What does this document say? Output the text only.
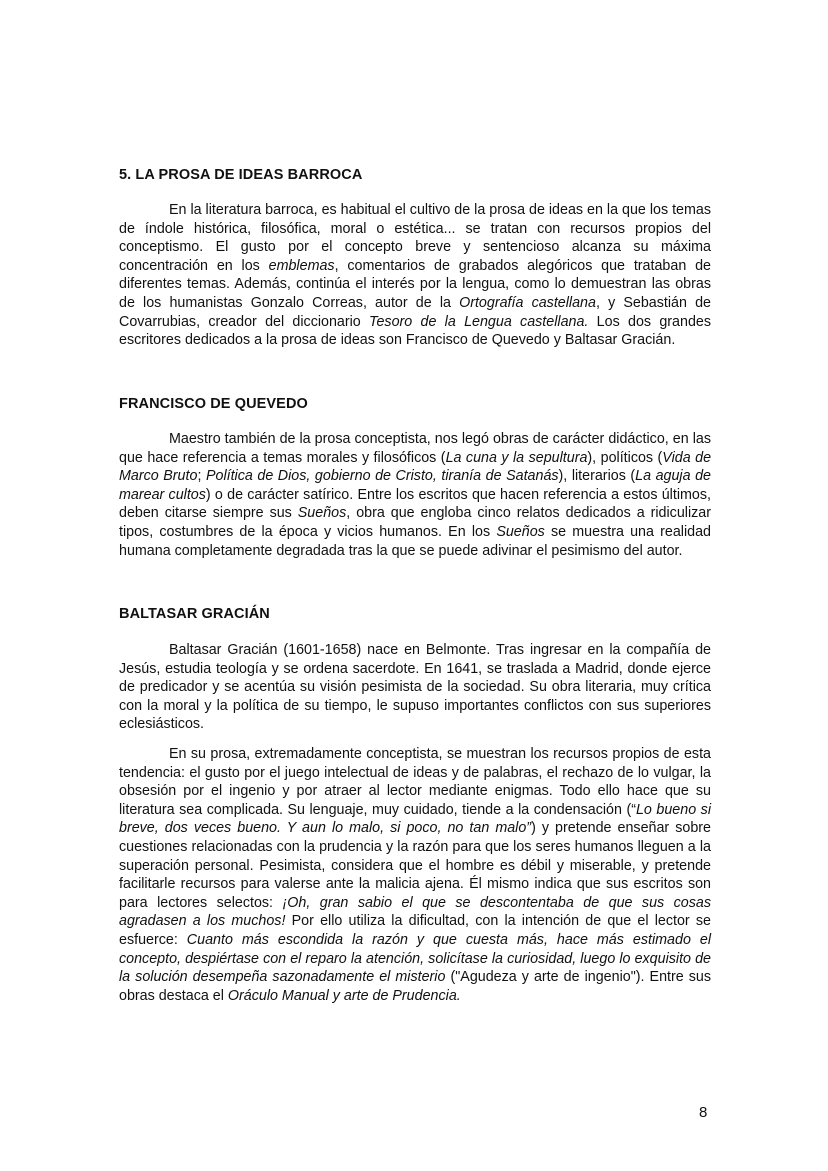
5. LA PROSA DE IDEAS BARROCA

En la literatura barroca, es habitual el cultivo de la prosa de ideas en la que los temas de índole histórica, filosófica, moral o estética... se tratan con recursos propios del conceptismo. El gusto por el concepto breve y sentencioso alcanza su máxima concentración en los emblemas, comentarios de grabados alegóricos que trataban de diferentes temas. Además, continúa el interés por la lengua, como lo demuestran las obras de los humanistas Gonzalo Correas, autor de la Ortografía castellana, y Sebastián de Covarrubias, creador del diccionario Tesoro de la Lengua castellana. Los dos grandes escritores dedicados a la prosa de ideas son Francisco de Quevedo y Baltasar Gracián.

FRANCISCO DE QUEVEDO

Maestro también de la prosa conceptista, nos legó obras de carácter didáctico, en las que hace referencia a temas morales y filosóficos (La cuna y la sepultura), políticos (Vida de Marco Bruto; Política de Dios, gobierno de Cristo, tiranía de Satanás), literarios (La aguja de marear cultos) o de carácter satírico. Entre los escritos que hacen referencia a estos últimos, deben citarse siempre sus Sueños, obra que engloba cinco relatos dedicados a ridiculizar tipos, costumbres de la época y vicios humanos. En los Sueños se muestra una realidad humana completamente degradada tras la que se puede adivinar el pesimismo del autor.

BALTASAR GRACIÁN

Baltasar Gracián (1601-1658) nace en Belmonte. Tras ingresar en la compañía de Jesús, estudia teología y se ordena sacerdote. En 1641, se traslada a Madrid, donde ejerce de predicador y se acentúa su visión pesimista de la sociedad. Su obra literaria, muy crítica con la moral y la política de su tiempo, le supuso importantes conflictos con sus superiores eclesiásticos.

En su prosa, extremadamente conceptista, se muestran los recursos propios de esta tendencia: el gusto por el juego intelectual de ideas y de palabras, el rechazo de lo vulgar, la obsesión por el ingenio y por atraer al lector mediante enigmas. Todo ello hace que su literatura sea complicada. Su lenguaje, muy cuidado, tiende a la condensación (“Lo bueno si breve, dos veces bueno. Y aun lo malo, si poco, no tan malo”) y pretende enseñar sobre cuestiones relacionadas con la prudencia y la razón para que los seres humanos lleguen a la superación personal. Pesimista, considera que el hombre es débil y miserable, y pretende facilitarle recursos para valerse ante la malicia ajena. Él mismo indica que sus escritos son para lectores selectos: ¡Oh, gran sabio el que se descontentaba de que sus cosas agradasen a los muchos! Por ello utiliza la dificultad, con la intención de que el lector se esfuerce: Cuanto más escondida la razón y que cuesta más, hace más estimado el concepto, despiértase con el reparo la atención, solicítase la curiosidad, luego lo exquisito de la solución desempeña sazonadamente el misterio ("Agudeza y arte de ingenio"). Entre sus obras destaca el Oráculo Manual y arte de Prudencia.

8
